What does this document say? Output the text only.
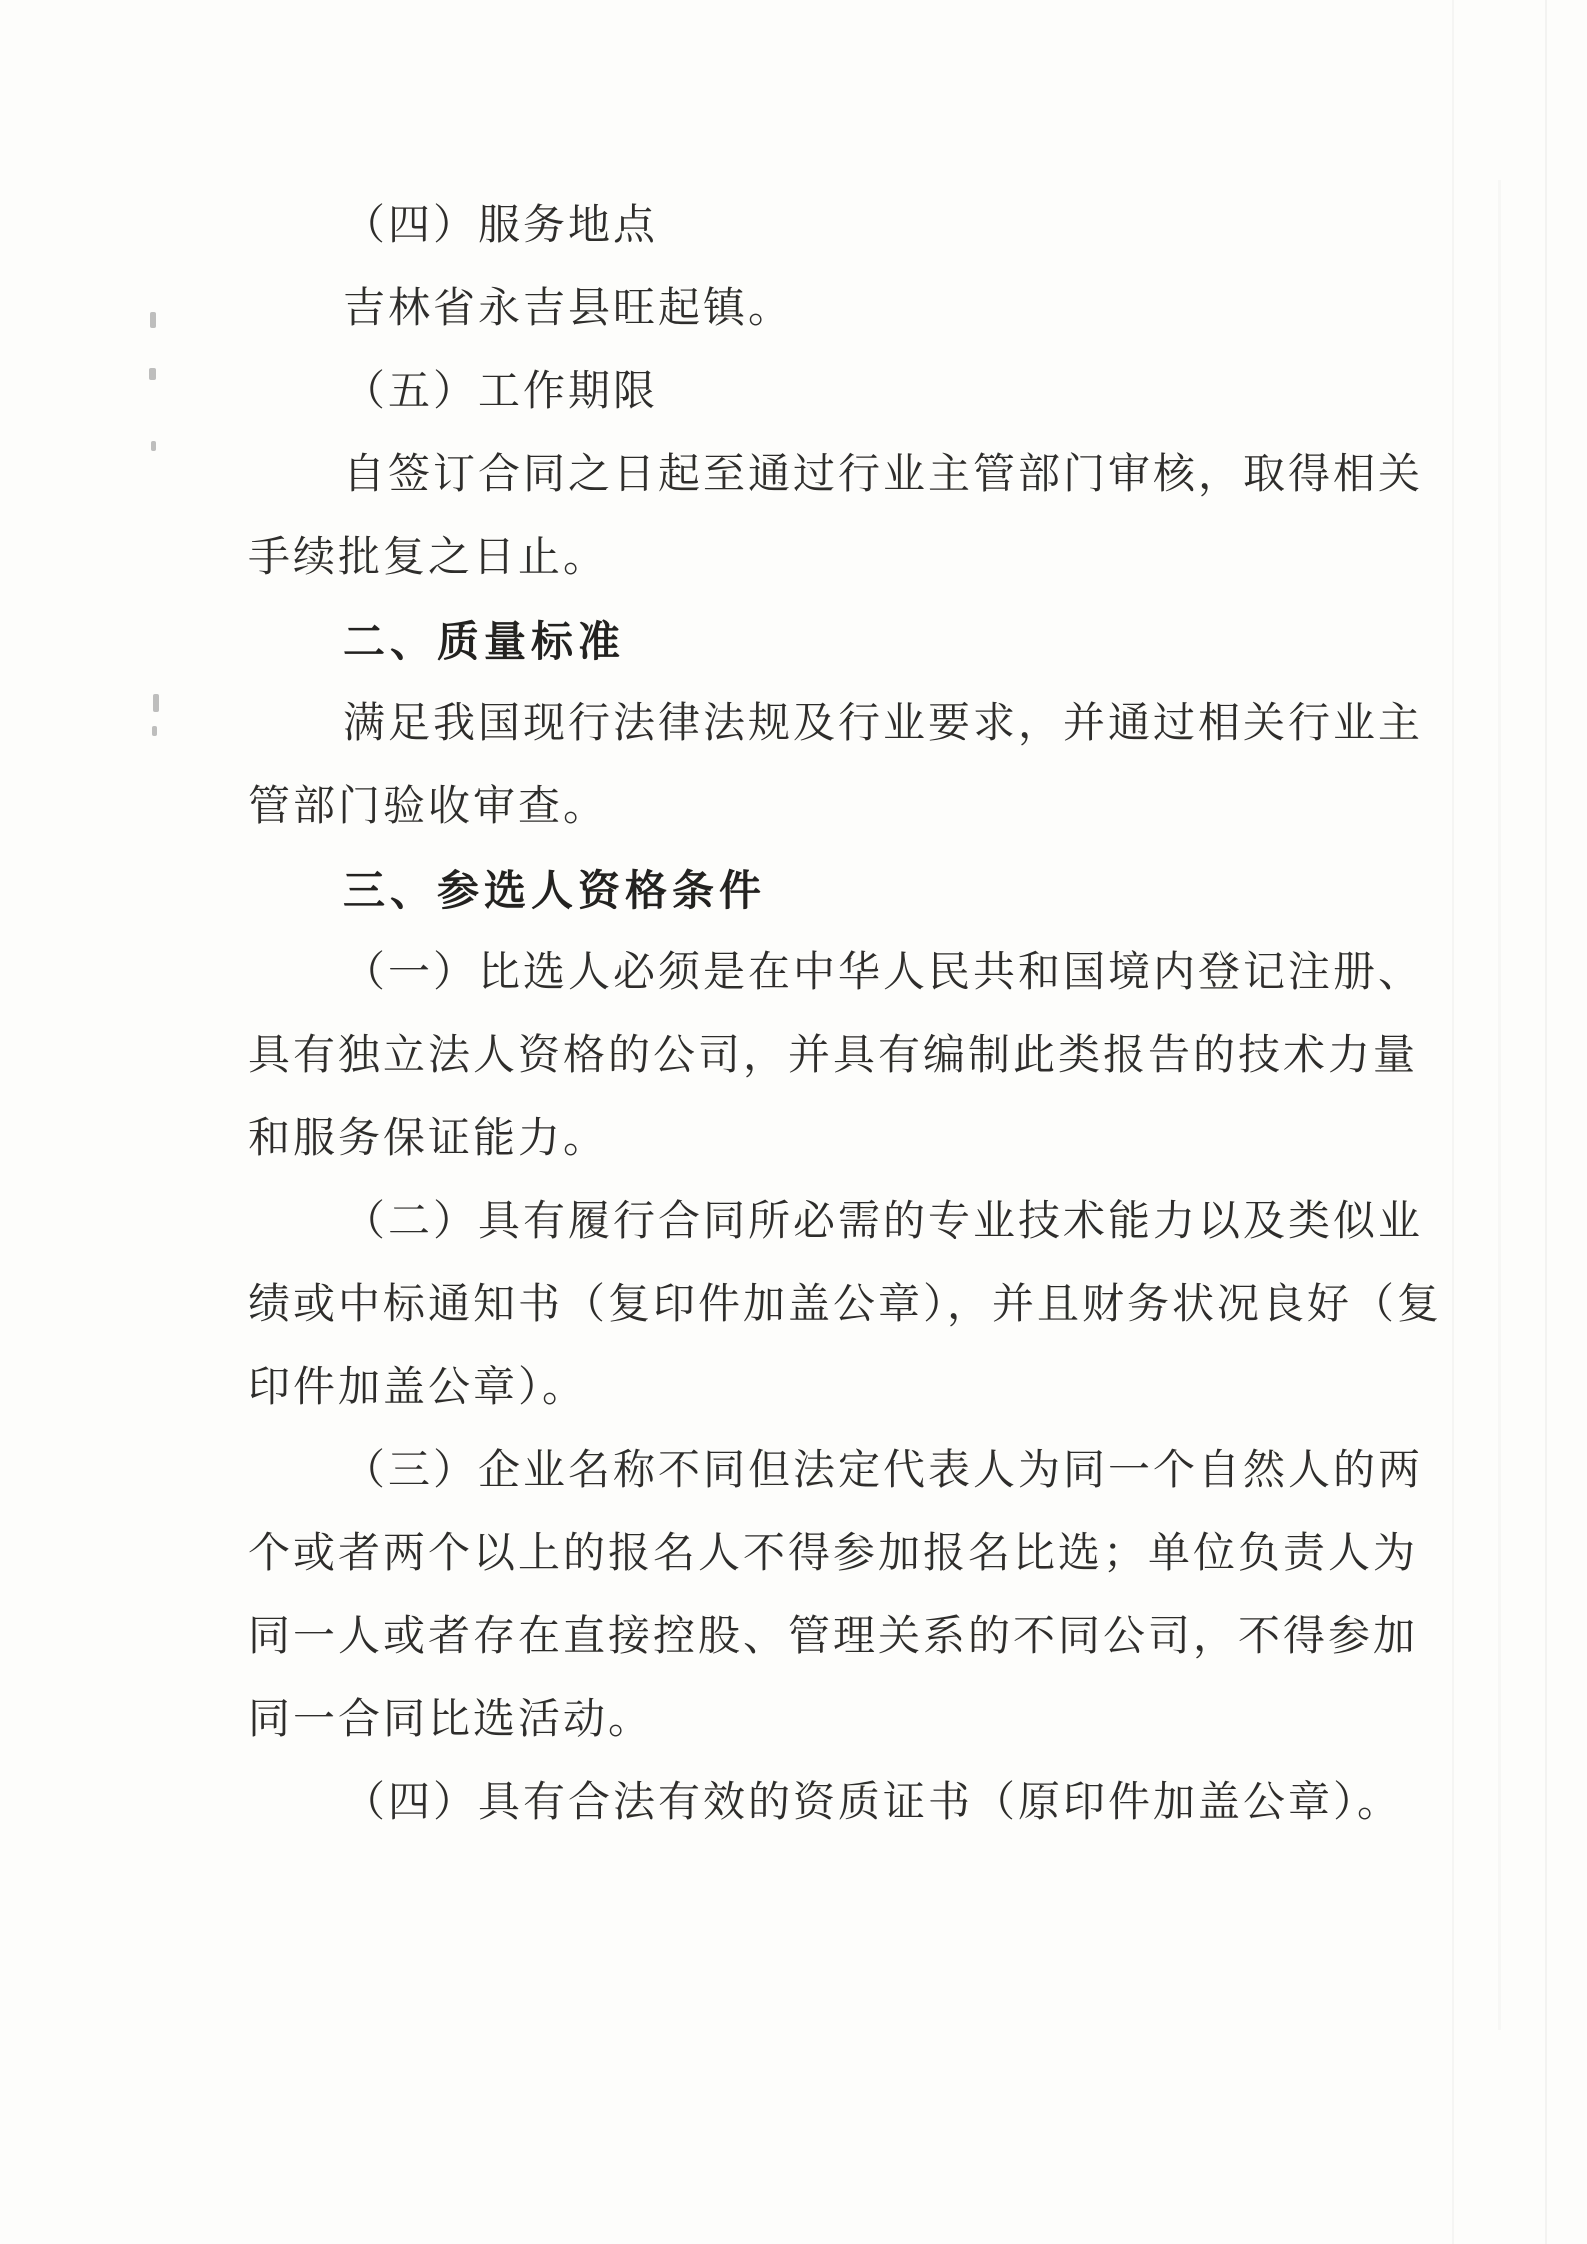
（四）服务地点
吉林省永吉县旺起镇。
（五）工作期限
自签订合同之日起至通过行业主管部门审核，取得相关
手续批复之日止。
二、质量标准
满足我国现行法律法规及行业要求，并通过相关行业主
管部门验收审查。
三、参选人资格条件
（一）比选人必须是在中华人民共和国境内登记注册、
具有独立法人资格的公司，并具有编制此类报告的技术力量
和服务保证能力。
（二）具有履行合同所必需的专业技术能力以及类似业
绩或中标通知书（复印件加盖公章），并且财务状况良好（复
印件加盖公章）。
（三）企业名称不同但法定代表人为同一个自然人的两
个或者两个以上的报名人不得参加报名比选；单位负责人为
同一人或者存在直接控股、管理关系的不同公司，不得参加
同一合同比选活动。
（四）具有合法有效的资质证书（原印件加盖公章）。
